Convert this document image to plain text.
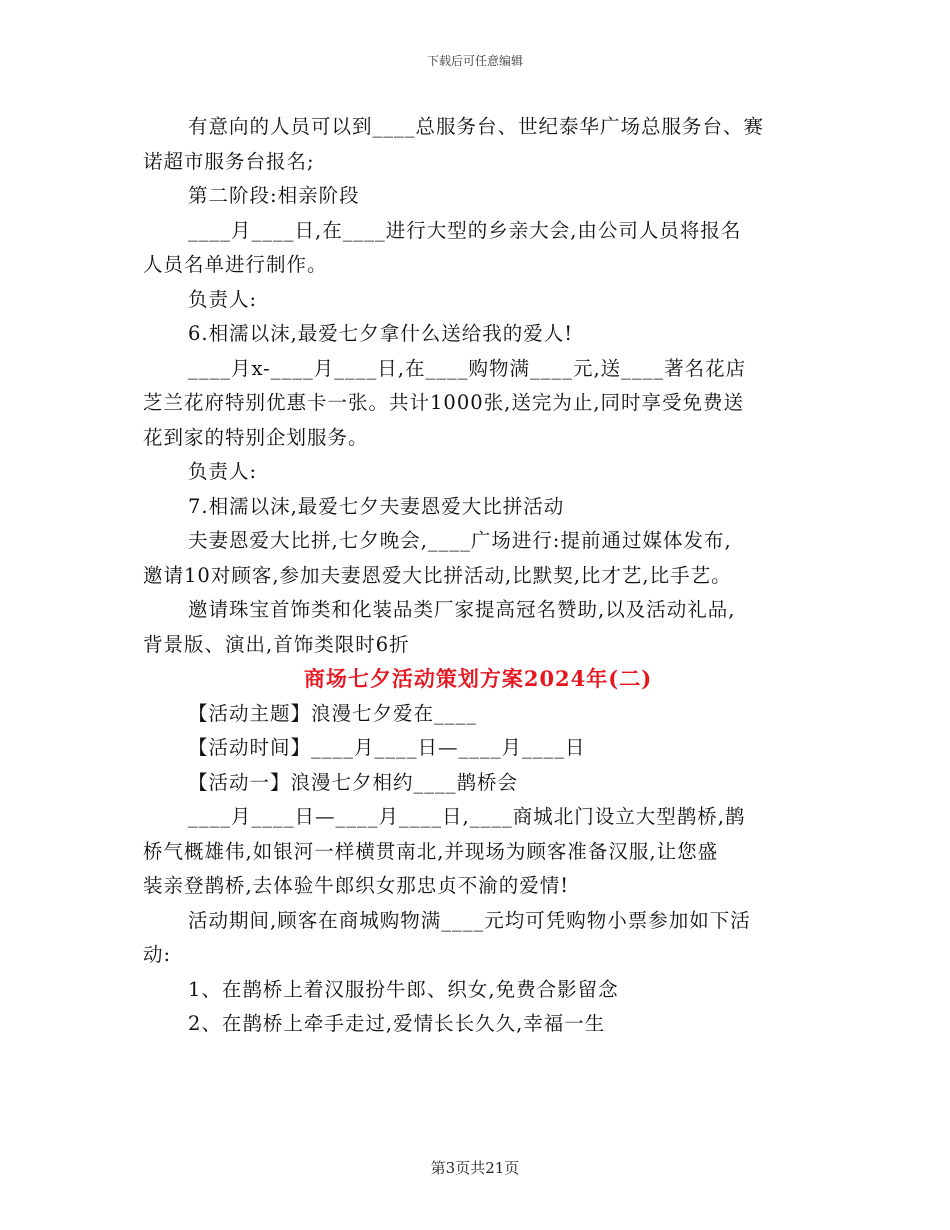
下载后可任意编辑
有意向的人员可以到____总服务台、世纪泰华广场总服务台、赛
诺超市服务台报名;
第二阶段:相亲阶段
____月____日,在____进行大型的乡亲大会,由公司人员将报名
人员名单进行制作。
负责人:
6.相濡以沫,最爱七夕拿什么送给我的爱人!
____月x-____月____日,在____购物满____元,送____著名花店
芝兰花府特别优惠卡一张。共计1000张,送完为止,同时享受免费送
花到家的特别企划服务。
负责人:
7.相濡以沫,最爱七夕夫妻恩爱大比拼活动
夫妻恩爱大比拼,七夕晚会,____广场进行:提前通过媒体发布,
邀请10对顾客,参加夫妻恩爱大比拼活动,比默契,比才艺,比手艺。
邀请珠宝首饰类和化装品类厂家提高冠名赞助,以及活动礼品,
背景版、演出,首饰类限时6折
商场七夕活动策划方案2024年(二)
【活动主题】浪漫七夕爱在____
【活动时间】____月____日—____月____日
【活动一】浪漫七夕相约____鹊桥会
____月____日—____月____日,____商城北门设立大型鹊桥,鹊
桥气概雄伟,如银河一样横贯南北,并现场为顾客准备汉服,让您盛
装亲登鹊桥,去体验牛郎织女那忠贞不渝的爱情!
活动期间,顾客在商城购物满____元均可凭购物小票参加如下活
动:
1、在鹊桥上着汉服扮牛郎、织女,免费合影留念
2、在鹊桥上牵手走过,爱情长长久久,幸福一生
第3页共21页
